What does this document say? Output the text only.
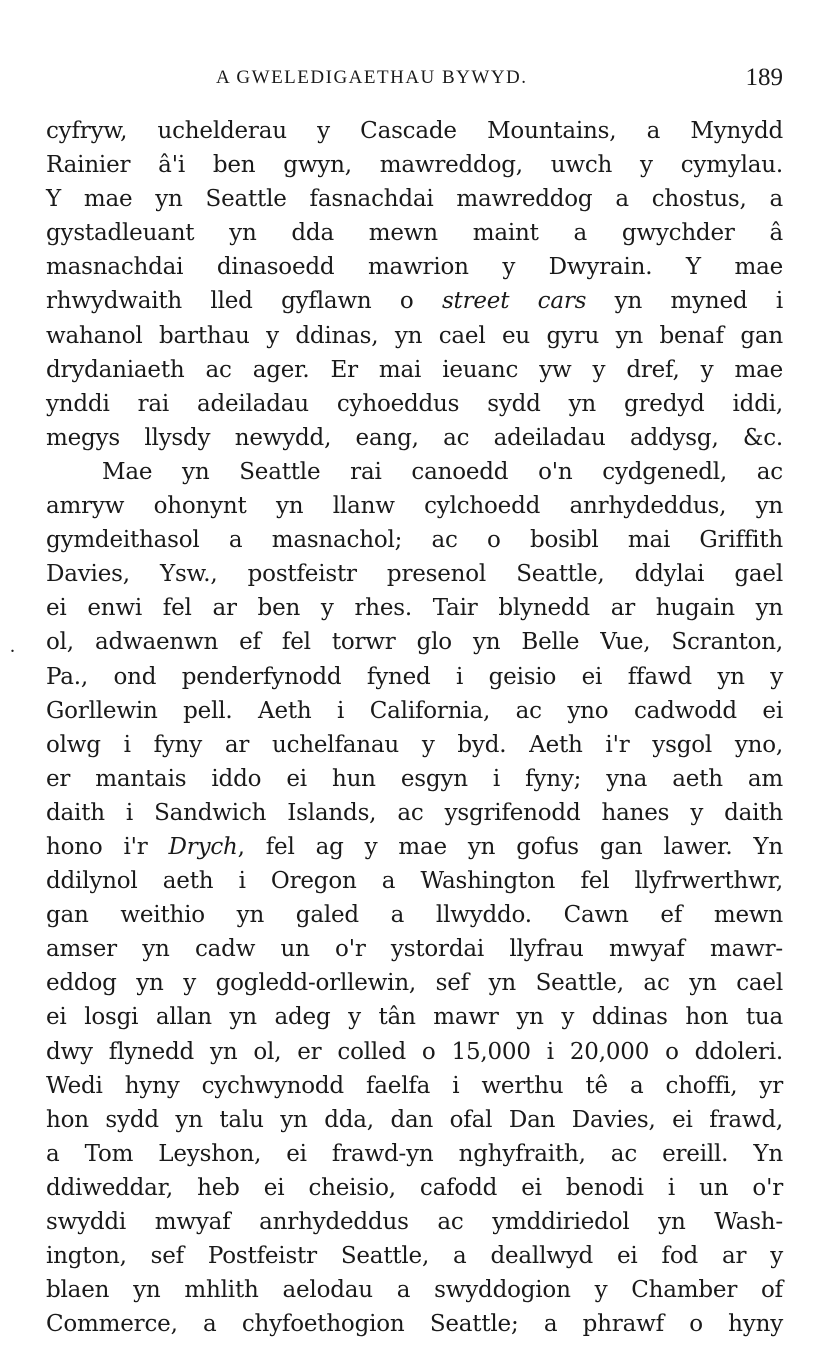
A GWELEDIGAETHAU BYWYD.	189
.
cyfryw, uchelderau y Cascade Mountains, a Mynydd
Rainier â'i ben gwyn, mawreddog, uwch y cymylau.
Y mae yn Seattle fasnachdai mawreddog a chostus, a
gystadleuant yn dda mewn maint a gwychder â
masnachdai dinasoedd mawrion y Dwyrain. Y mae
rhwydwaith lled gyflawn o street cars yn myned i
wahanol barthau y ddinas, yn cael eu gyru yn benaf gan
drydaniaeth ac ager. Er mai ieuanc yw y dref, y mae
ynddi rai adeiladau cyhoeddus sydd yn gredyd iddi,
megys llysdy newydd, eang, ac adeiladau addysg, &c.
Mae yn Seattle rai canoedd o'n cydgenedl, ac
amryw ohonynt yn llanw cylchoedd anrhydeddus, yn
gymdeithasol a masnachol; ac o bosibl mai Griffith
Davies, Ysw., postfeistr presenol Seattle, ddylai gael
ei enwi fel ar ben y rhes. Tair blynedd ar hugain yn
ol, adwaenwn ef fel torwr glo yn Belle Vue, Scranton,
Pa., ond penderfynodd fyned i geisio ei ffawd yn y
Gorllewin pell. Aeth i California, ac yno cadwodd ei
olwg i fyny ar uchelfanau y byd. Aeth i'r ysgol yno,
er mantais iddo ei hun esgyn i fyny; yna aeth am
daith i Sandwich Islands, ac ysgrifenodd hanes y daith
hono i'r Drych, fel ag y mae yn gofus gan lawer. Yn
ddilynol aeth i Oregon a Washington fel llyfrwerthwr,
gan weithio yn galed a llwyddo. Cawn ef mewn
amser yn cadw un o'r ystordai llyfrau mwyaf mawr-
eddog yn y gogledd-orllewin, sef yn Seattle, ac yn cael
ei losgi allan yn adeg y tân mawr yn y ddinas hon tua
dwy flynedd yn ol, er colled o 15,000 i 20,000 o ddoleri.
Wedi hyny cychwynodd faelfa i werthu tê a choffi, yr
hon sydd yn talu yn dda, dan ofal Dan Davies, ei frawd,
a Tom Leyshon, ei frawd-yn nghyfraith, ac ereill. Yn
ddiweddar, heb ei cheisio, cafodd ei benodi i un o'r
swyddi mwyaf anrhydeddus ac ymddiriedol yn Wash-
ington, sef Postfeistr Seattle, a deallwyd ei fod ar y
blaen yn mhlith aelodau a swyddogion y Chamber of
Commerce, a chyfoethogion Seattle; a phrawf o hyny
